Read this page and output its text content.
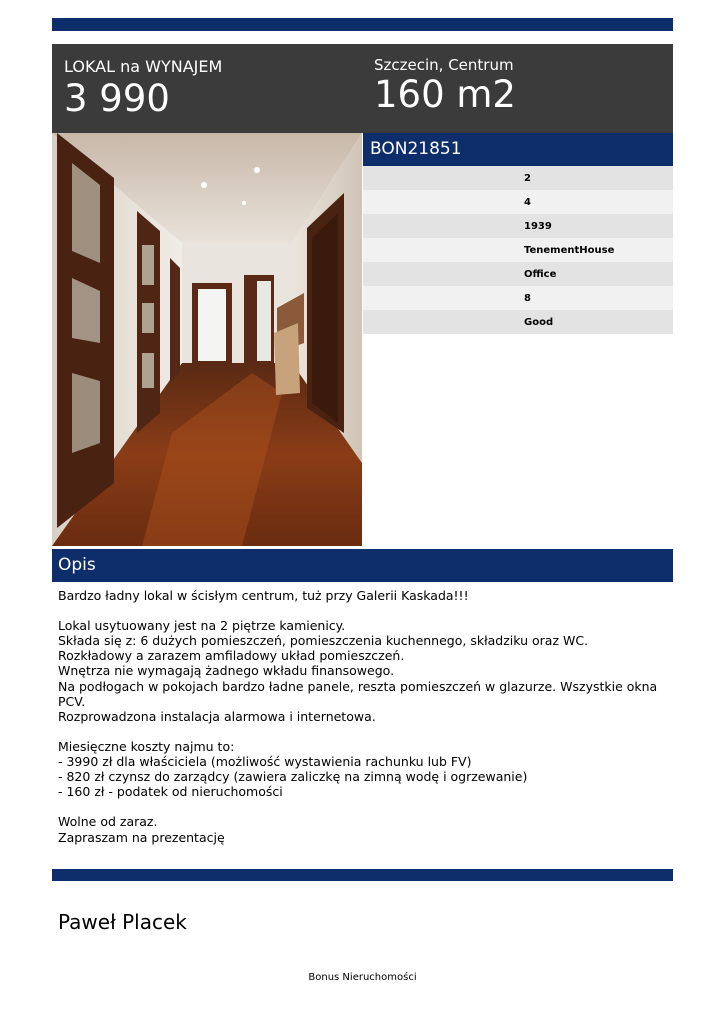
LOKAL na WYNAJEM
3 990
Szczecin, Centrum
160 m2
BON21851
2
4
1939
TenementHouse
Office
8
Good
Opis

Bardzo ładny lokal w ścisłym centrum, tuż przy Galerii Kaskada!!!

Lokal usytuowany jest na 2 piętrze kamienicy.

Składa się z: 6 dużych pomieszczeń, pomieszczenia kuchennego, składziku oraz WC.

Rozkładowy a zarazem amfiladowy układ pomieszczeń.

Wnętrza nie wymagają żadnego wkładu finansowego.

Na podłogach w pokojach bardzo ładne panele, reszta pomieszczeń w glazurze. Wszystkie okna PCV.

Rozprowadzona instalacja alarmowa i internetowa.

Miesięczne koszty najmu to:

- 3990 zł dla właściciela (możliwość wystawienia rachunku lub FV)

- 820 zł czynsz do zarządcy (zawiera zaliczkę na zimną wodę i ogrzewanie)

- 160 zł - podatek od nieruchomości

Wolne od zaraz.

Zapraszam na prezentację

Paweł Placek
Bonus Nieruchomości
